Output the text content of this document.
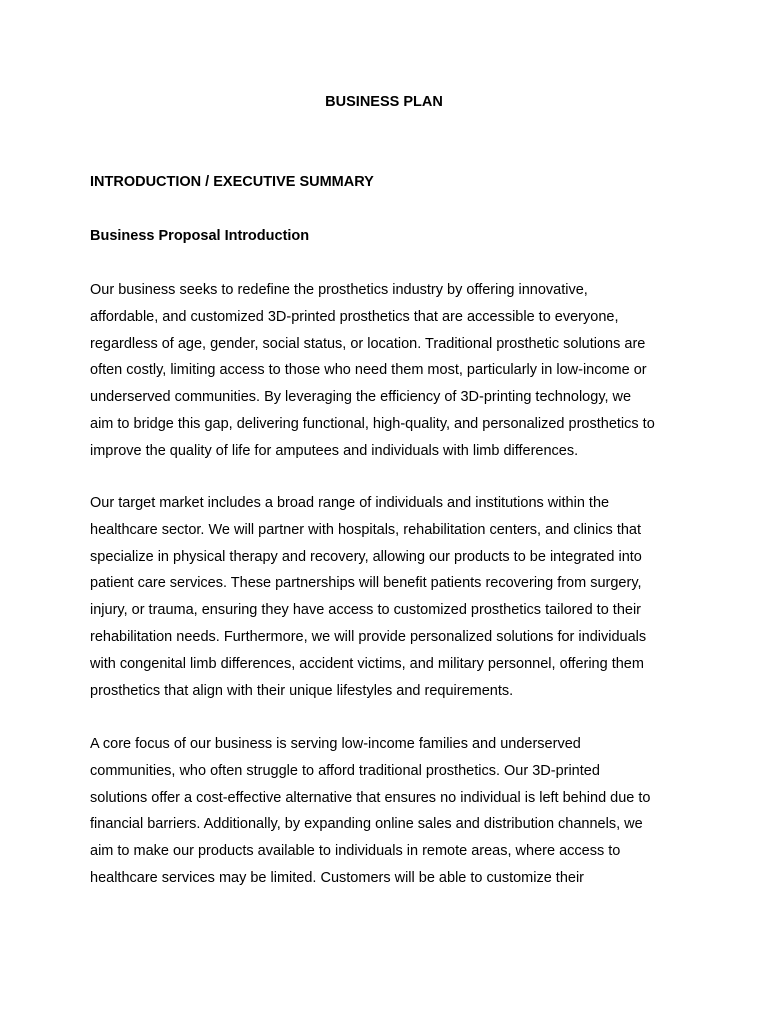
BUSINESS PLAN
INTRODUCTION / EXECUTIVE SUMMARY
Business Proposal Introduction

Our business seeks to redefine the prosthetics industry by offering innovative,
affordable, and customized 3D-printed prosthetics that are accessible to everyone,
regardless of age, gender, social status, or location. Traditional prosthetic solutions are
often costly, limiting access to those who need them most, particularly in low-income or
underserved communities. By leveraging the efficiency of 3D-printing technology, we
aim to bridge this gap, delivering functional, high-quality, and personalized prosthetics to
improve the quality of life for amputees and individuals with limb differences.

Our target market includes a broad range of individuals and institutions within the
healthcare sector. We will partner with hospitals, rehabilitation centers, and clinics that
specialize in physical therapy and recovery, allowing our products to be integrated into
patient care services. These partnerships will benefit patients recovering from surgery,
injury, or trauma, ensuring they have access to customized prosthetics tailored to their
rehabilitation needs. Furthermore, we will provide personalized solutions for individuals
with congenital limb differences, accident victims, and military personnel, offering them
prosthetics that align with their unique lifestyles and requirements.

A core focus of our business is serving low-income families and underserved
communities, who often struggle to afford traditional prosthetics. Our 3D-printed
solutions offer a cost-effective alternative that ensures no individual is left behind due to
financial barriers. Additionally, by expanding online sales and distribution channels, we
aim to make our products available to individuals in remote areas, where access to
healthcare services may be limited. Customers will be able to customize their
